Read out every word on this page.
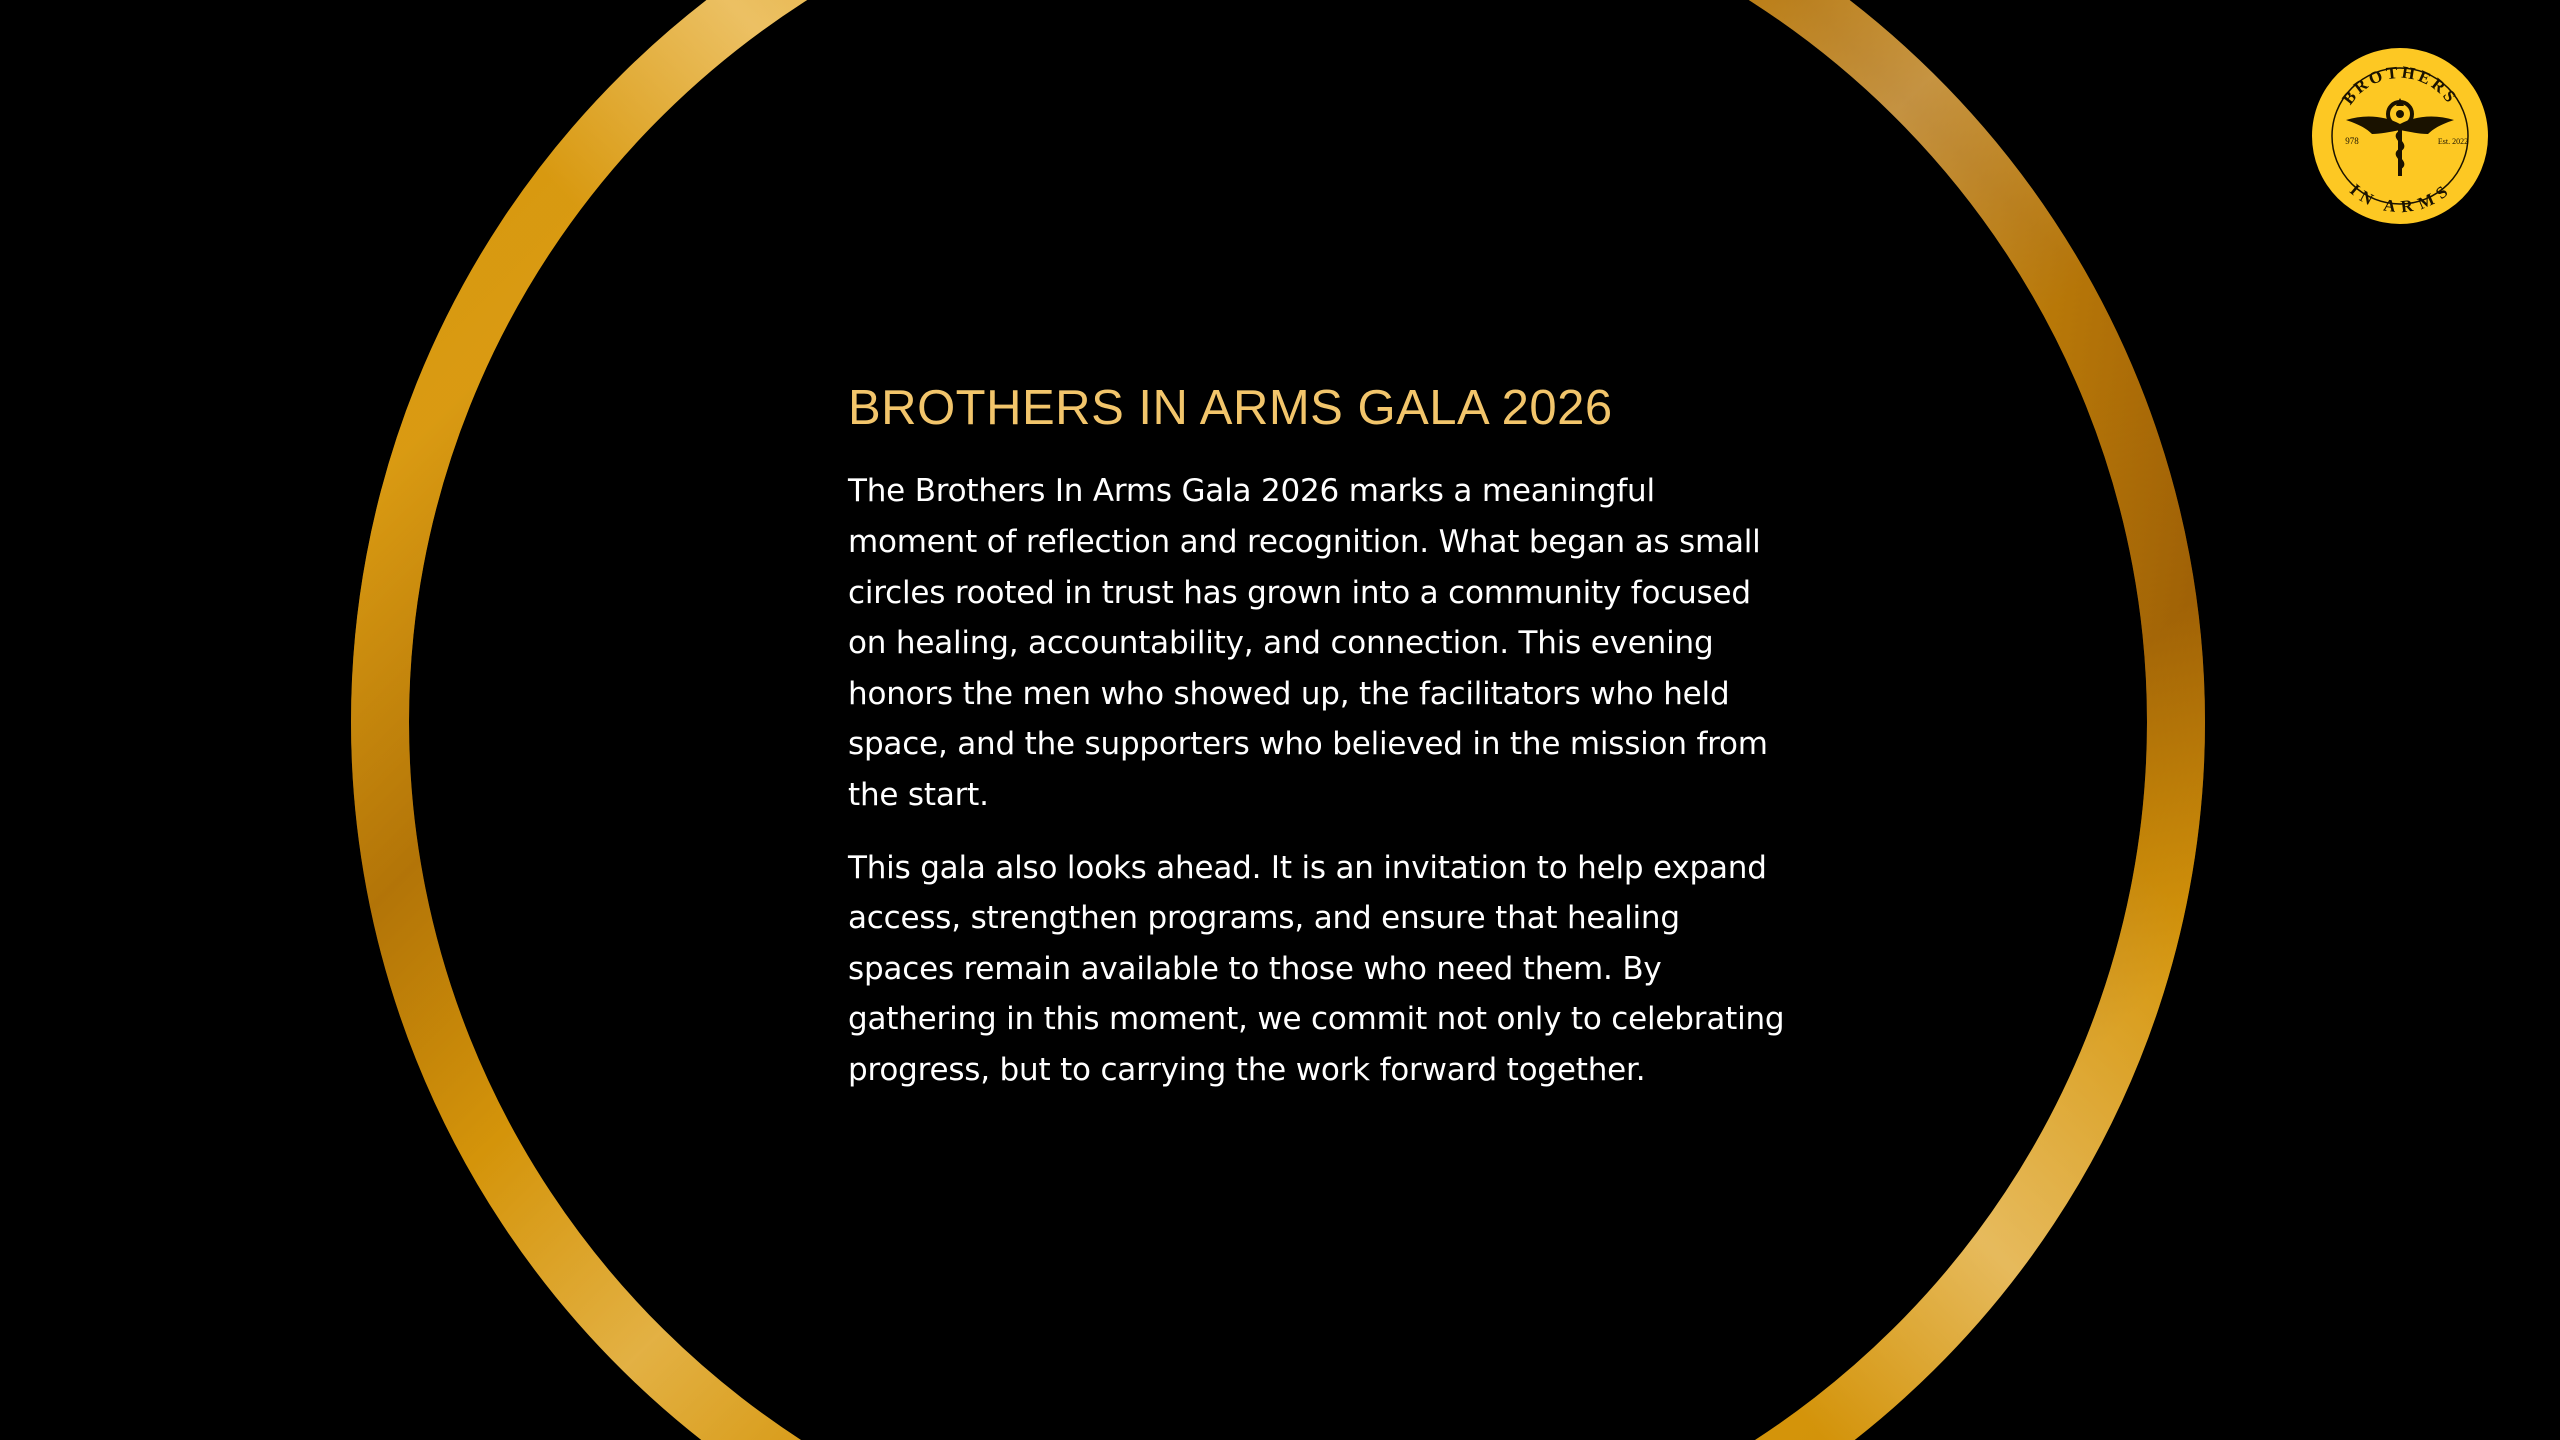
BROTHERS
IN ARMS
978	Est. 2022
BROTHERS IN ARMS GALA 2026

The Brothers In Arms Gala 2026 marks a meaningful moment of reflection and recognition. What began as small circles rooted in trust has grown into a community focused on healing, accountability, and connection. This evening honors the men who showed up, the facilitators who held space, and the supporters who believed in the mission from the start.

This gala also looks ahead. It is an invitation to help expand access, strengthen programs, and ensure that healing spaces remain available to those who need them. By gathering in this moment, we commit not only to celebrating progress, but to carrying the work forward together.
